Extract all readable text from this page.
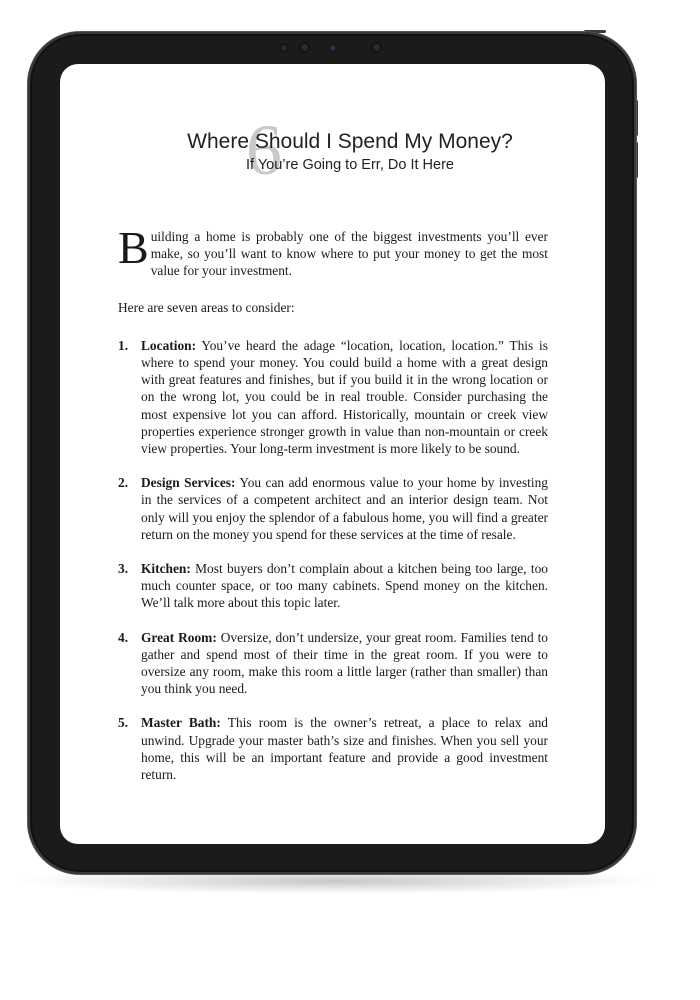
6
Where Should I Spend My Money?
If You’re Going to Err, Do It Here

Building a home is probably one of the biggest investments you’ll ever make, so you’ll want to know where to put your money to get the most value for your investment.

Here are seven areas to consider:

1. Location: You’ve heard the adage “location, location, location.” This is where to spend your money. You could build a home with a great design with great features and finishes, but if you build it in the wrong location or on the wrong lot, you could be in real trouble. Consider purchasing the most expensive lot you can afford. Historically, mountain or creek view properties experience stronger growth in value than non-mountain or creek view properties. Your long-term investment is more likely to be sound.
2. Design Services: You can add enormous value to your home by investing in the services of a competent architect and an interior design team. Not only will you enjoy the splendor of a fabulous home, you will find a greater return on the money you spend for these services at the time of resale.
3. Kitchen: Most buyers don’t complain about a kitchen being too large, too much counter space, or too many cabinets. Spend money on the kitchen. We’ll talk more about this topic later.
4. Great Room: Oversize, don’t undersize, your great room. Families tend to gather and spend most of their time in the great room. If you were to oversize any room, make this room a little larger (rather than smaller) than you think you need.
5. Master Bath: This room is the owner’s retreat, a place to relax and unwind. Upgrade your master bath’s size and finishes. When you sell your home, this will be an important feature and provide a good investment return.
